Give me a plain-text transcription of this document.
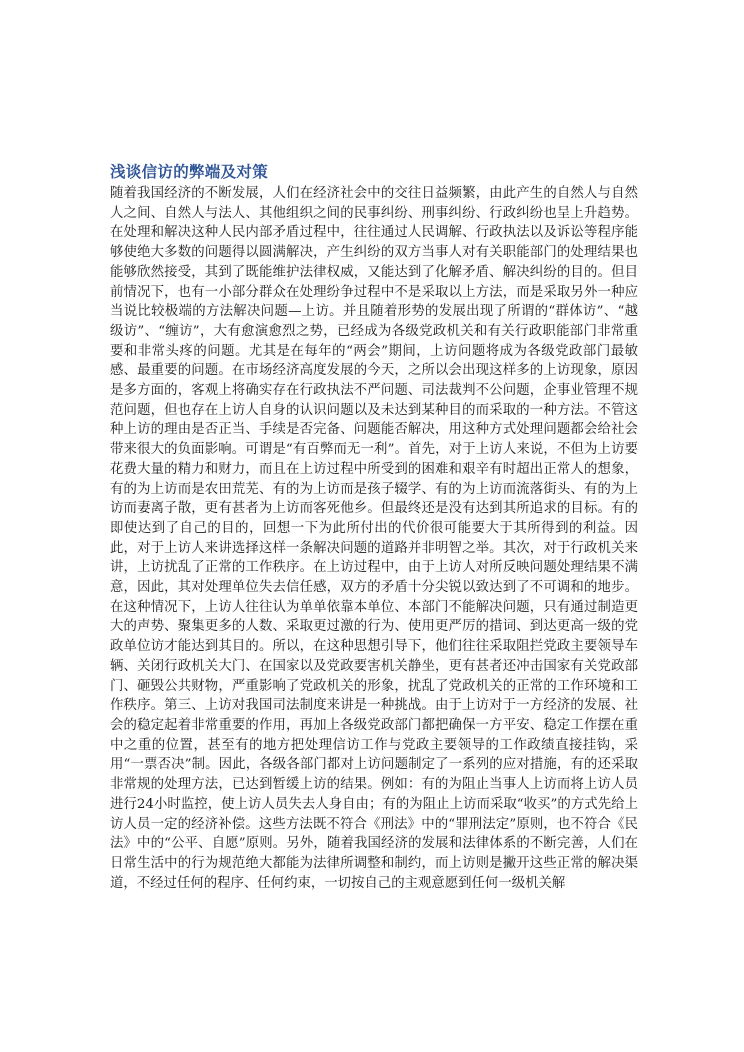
浅谈信访的弊端及对策

随着我国经济的不断发展，人们在经济社会中的交往日益频繁，由此产生的自然人与自然人之间、自然人与法人、其他组织之间的民事纠纷、刑事纠纷、行政纠纷也呈上升趋势。在处理和解决这种人民内部矛盾过程中，往往通过人民调解、行政执法以及诉讼等程序能够使绝大多数的问题得以圆满解决，产生纠纷的双方当事人对有关职能部门的处理结果也能够欣然接受，其到了既能维护法律权威，又能达到了化解矛盾、解决纠纷的目的。但目前情况下，也有一小部分群众在处理纷争过程中不是采取以上方法，而是采取另外一种应当说比较极端的方法解决问题—上访。并且随着形势的发展出现了所谓的“群体访”、“越级访”、“缠访”，大有愈演愈烈之势，已经成为各级党政机关和有关行政职能部门非常重要和非常头疼的问题。尤其是在每年的“两会”期间，上访问题将成为各级党政部门最敏感、最重要的问题。在市场经济高度发展的今天，之所以会出现这样多的上访现象，原因是多方面的，客观上将确实存在行政执法不严问题、司法裁判不公问题，企事业管理不规范问题，但也存在上访人自身的认识问题以及未达到某种目的而采取的一种方法。不管这种上访的理由是否正当、手续是否完备、问题能否解决，用这种方式处理问题都会给社会带来很大的负面影响。可谓是“有百弊而无一利”。首先，对于上访人来说，不但为上访要花费大量的精力和财力，而且在上访过程中所受到的困难和艰辛有时超出正常人的想象，有的为上访而是农田荒芜、有的为上访而是孩子辍学、有的为上访而流落街头、有的为上访而妻离子散，更有甚者为上访而客死他乡。但最终还是没有达到其所追求的目标。有的即使达到了自己的目的，回想一下为此所付出的代价很可能要大于其所得到的利益。因此，对于上访人来讲选择这样一条解决问题的道路并非明智之举。其次，对于行政机关来讲，上访扰乱了正常的工作秩序。在上访过程中，由于上访人对所反映问题处理结果不满意，因此，其对处理单位失去信任感，双方的矛盾十分尖锐以致达到了不可调和的地步。在这种情况下，上访人往往认为单单依靠本单位、本部门不能解决问题，只有通过制造更大的声势、聚集更多的人数、采取更过激的行为、使用更严厉的措词、到达更高一级的党政单位访才能达到其目的。所以，在这种思想引导下，他们往往采取阻拦党政主要领导车辆、关闭行政机关大门、在国家以及党政要害机关静坐，更有甚者还冲击国家有关党政部门、砸毁公共财物，严重影响了党政机关的形象，扰乱了党政机关的正常的工作环境和工作秩序。第三、上访对我国司法制度来讲是一种挑战。由于上访对于一方经济的发展、社会的稳定起着非常重要的作用，再加上各级党政部门都把确保一方平安、稳定工作摆在重中之重的位置，甚至有的地方把处理信访工作与党政主要领导的工作政绩直接挂钩，采用“一票否决”制。因此，各级各部门都对上访问题制定了一系列的应对措施，有的还采取非常规的处理方法，已达到暂缓上访的结果。例如：有的为阻止当事人上访而将上访人员进行24小时监控，使上访人员失去人身自由；有的为阻止上访而采取“收买”的方式先给上访人员一定的经济补偿。这些方法既不符合《刑法》中的“罪刑法定”原则，也不符合《民法》中的“公平、自愿”原则。另外，随着我国经济的发展和法律体系的不断完善，人们在日常生活中的行为规范绝大都能为法律所调整和制约，而上访则是撇开这些正常的解决渠道，不经过任何的程序、任何约束，一切按自己的主观意愿到任何一级机关解
